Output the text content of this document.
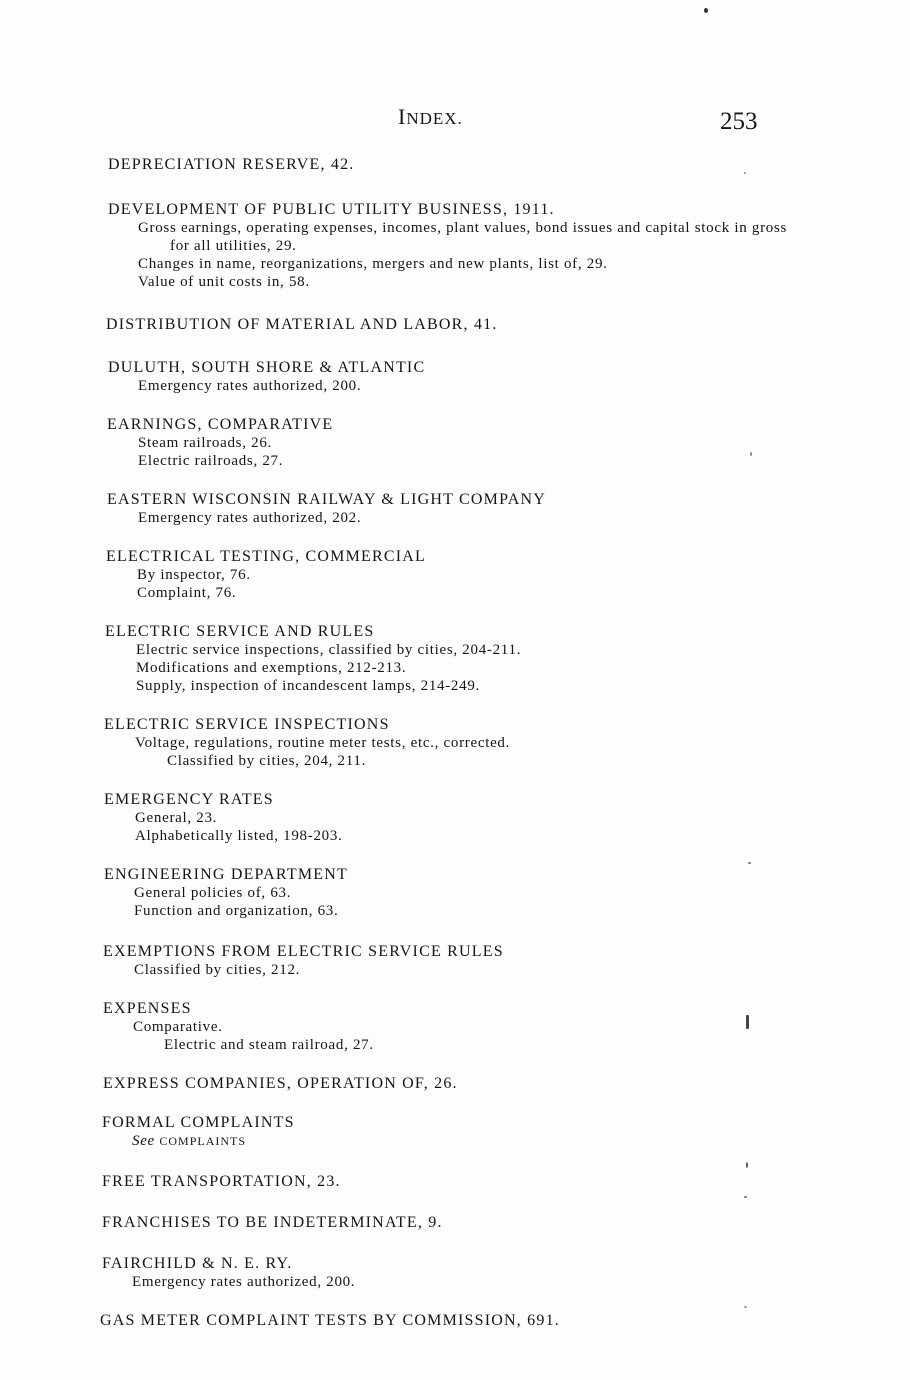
INDEX.	253
DEPRECIATION RESERVE, 42.
DEVELOPMENT OF PUBLIC UTILITY BUSINESS, 1911.
Gross earnings, operating expenses, incomes, plant values, bond issues and capital stock in gross for all utilities, 29.
Changes in name, reorganizations, mergers and new plants, list of, 29.
Value of unit costs in, 58.
DISTRIBUTION OF MATERIAL AND LABOR, 41.
DULUTH, SOUTH SHORE & ATLANTIC
Emergency rates authorized, 200.
EARNINGS, COMPARATIVE
Steam railroads, 26.
Electric railroads, 27.
EASTERN WISCONSIN RAILWAY & LIGHT COMPANY
Emergency rates authorized, 202.
ELECTRICAL TESTING, COMMERCIAL
By inspector, 76.
Complaint, 76.
ELECTRIC SERVICE AND RULES
Electric service inspections, classified by cities, 204-211.
Modifications and exemptions, 212-213.
Supply, inspection of incandescent lamps, 214-249.
ELECTRIC SERVICE INSPECTIONS
Voltage, regulations, routine meter tests, etc., corrected.
Classified by cities, 204, 211.
EMERGENCY RATES
General, 23.
Alphabetically listed, 198-203.
ENGINEERING DEPARTMENT
General policies of, 63.
Function and organization, 63.
EXEMPTIONS FROM ELECTRIC SERVICE RULES
Classified by cities, 212.
EXPENSES
Comparative.
Electric and steam railroad, 27.
EXPRESS COMPANIES, OPERATION OF, 26.
FORMAL COMPLAINTS
See COMPLAINTS
FREE TRANSPORTATION, 23.
FRANCHISES TO BE INDETERMINATE, 9.
FAIRCHILD & N. E. RY.
Emergency rates authorized, 200.
GAS METER COMPLAINT TESTS BY COMMISSION, 691.
